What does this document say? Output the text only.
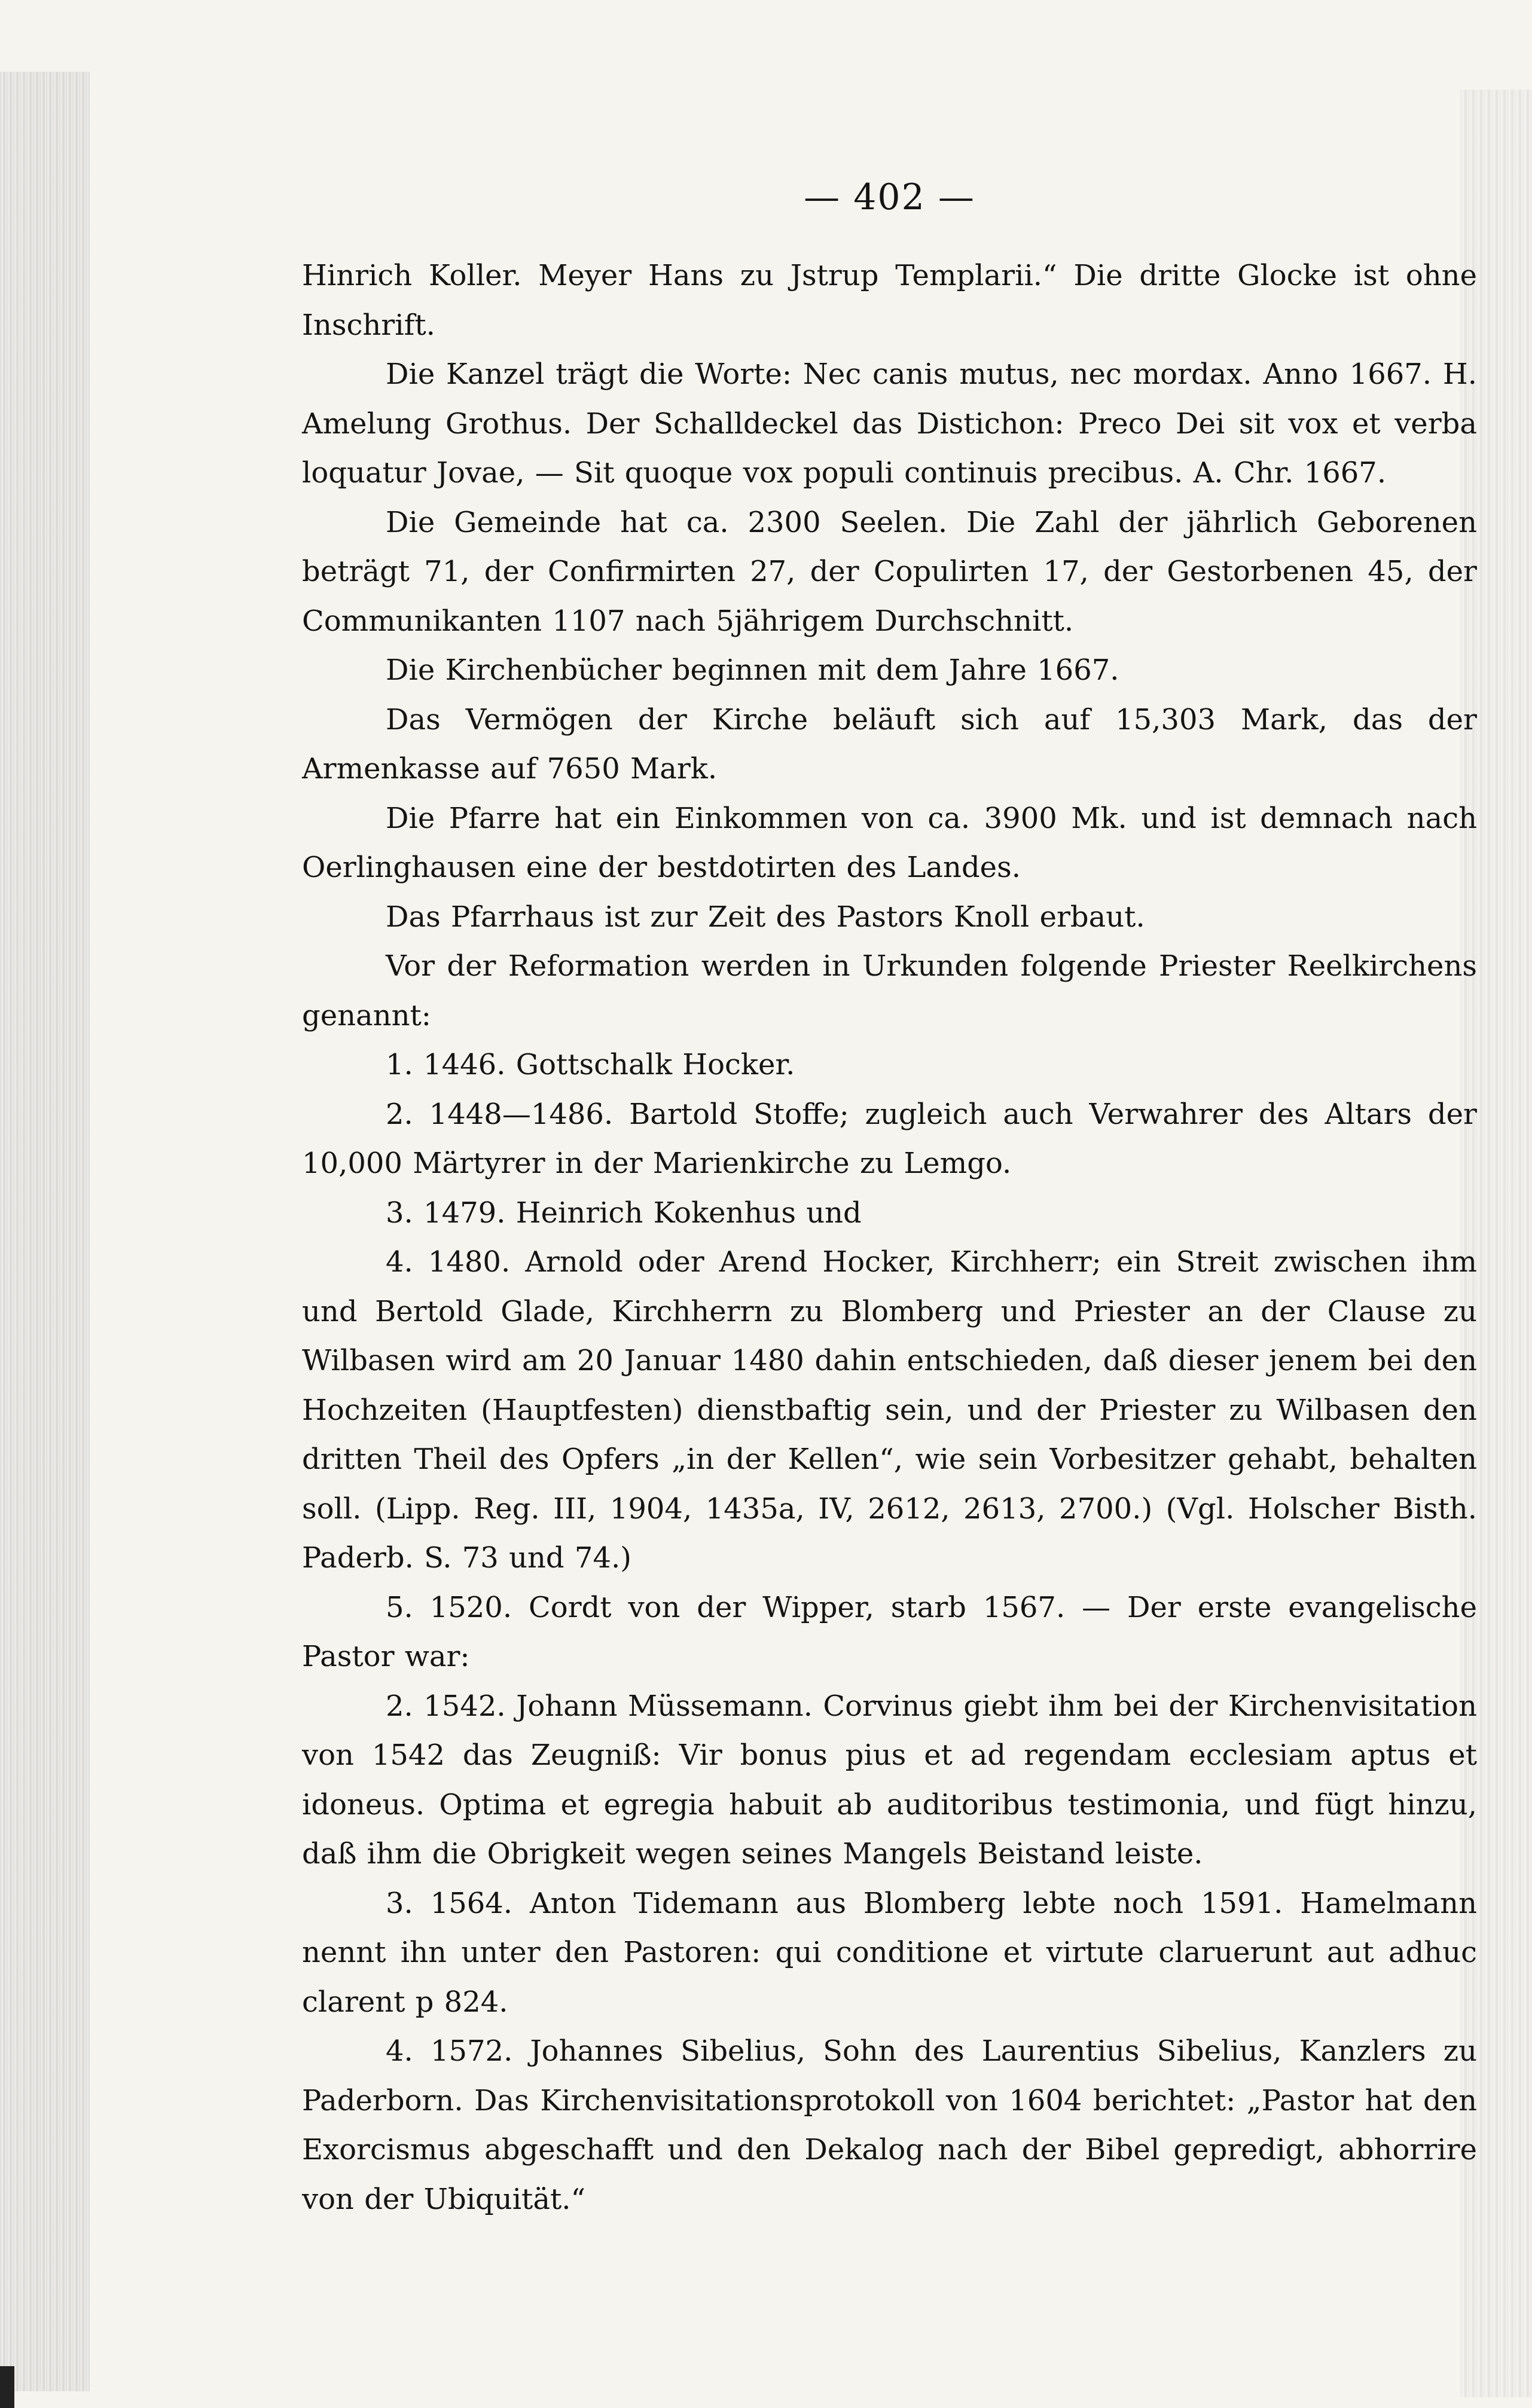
— 402 —

Hinrich Koller. Meyer Hans zu Jstrup Templarii.“ Die dritte Glocke ist ohne Inschrift.

Die Kanzel trägt die Worte: Nec canis mutus, nec mordax. Anno 1667. H. Amelung Grothus. Der Schalldeckel das Distichon: Preco Dei sit vox et verba loquatur Jovae, — Sit quoque vox populi continuis precibus. A. Chr. 1667.

Die Gemeinde hat ca. 2300 Seelen. Die Zahl der jährlich Geborenen beträgt 71, der Confirmirten 27, der Copulirten 17, der Gestorbenen 45, der Communikanten 1107 nach 5jährigem Durchschnitt.

Die Kirchenbücher beginnen mit dem Jahre 1667.

Das Vermögen der Kirche beläuft sich auf 15,303 Mark, das der Armenkasse auf 7650 Mark.

Die Pfarre hat ein Einkommen von ca. 3900 Mk. und ist demnach nach Oerlinghausen eine der bestdotirten des Landes.

Das Pfarrhaus ist zur Zeit des Pastors Knoll erbaut.

Vor der Reformation werden in Urkunden folgende Priester Reelkirchens genannt:

1. 1446. Gottschalk Hocker.

2. 1448—1486. Bartold Stoffe; zugleich auch Verwahrer des Altars der 10,000 Märtyrer in der Marienkirche zu Lemgo.

3. 1479. Heinrich Kokenhus und

4. 1480. Arnold oder Arend Hocker, Kirchherr; ein Streit zwischen ihm und Bertold Glade, Kirchherrn zu Blomberg und Priester an der Clause zu Wilbasen wird am 20 Januar 1480 dahin entschieden, daß dieser jenem bei den Hochzeiten (Hauptfesten) dienstbaftig sein, und der Priester zu Wilbasen den dritten Theil des Opfers „in der Kellen“, wie sein Vorbesitzer gehabt, behalten soll. (Lipp. Reg. III, 1904, 1435a, IV, 2612, 2613, 2700.) (Vgl. Holscher Bisth. Paderb. S. 73 und 74.)

5. 1520. Cordt von der Wipper, starb 1567. — Der erste evangelische Pastor war:

2. 1542. Johann Müssemann. Corvinus giebt ihm bei der Kirchenvisitation von 1542 das Zeugniß: Vir bonus pius et ad regendam ecclesiam aptus et idoneus. Optima et egregia habuit ab auditoribus testimonia, und fügt hinzu, daß ihm die Obrigkeit wegen seines Mangels Beistand leiste.

3. 1564. Anton Tidemann aus Blomberg lebte noch 1591. Hamelmann nennt ihn unter den Pastoren: qui conditione et virtute claruerunt aut adhuc clarent p 824.

4. 1572. Johannes Sibelius, Sohn des Laurentius Sibelius, Kanzlers zu Paderborn. Das Kirchenvisitationsprotokoll von 1604 berichtet: „Pastor hat den Exorcismus abgeschafft und den Dekalog nach der Bibel gepredigt, abhorrire von der Ubiquität.“
